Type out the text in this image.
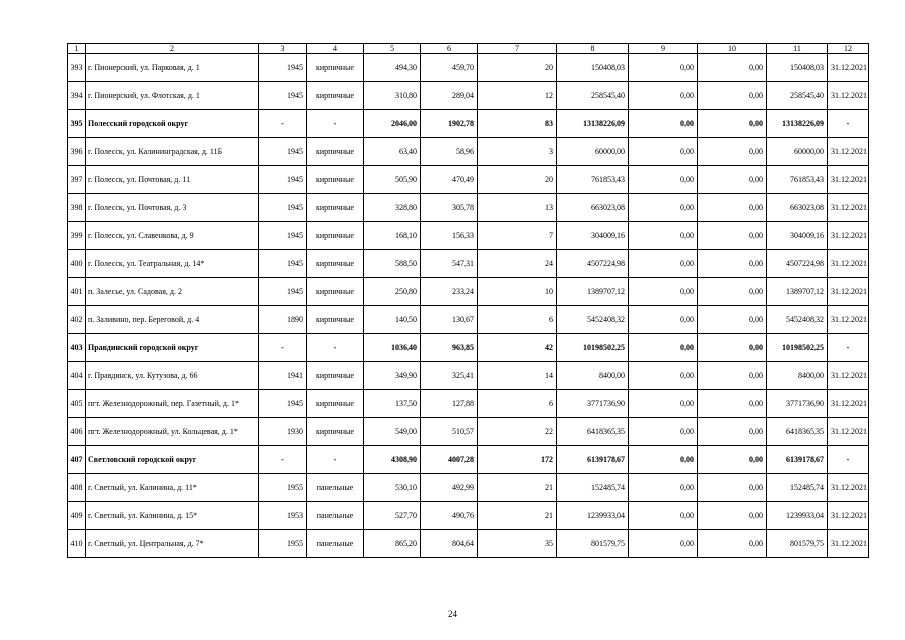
1	2	3	4	5	6	7	8	9	10	11	12
393	г. Пионерский, ул. Парковая, д. 1	1945	кирпичные	494,30	459,70	20	150408,03	0,00	0,00	150408,03	31.12.2021
394	г. Пионерский, ул. Флотская, д. 1	1945	кирпичные	310,80	289,04	12	258545,40	0,00	0,00	258545,40	31.12.2021
395	Полесский городской округ	-	-	2046,00	1902,78	83	13138226,09	0,00	0,00	13138226,09	-
396	г. Полесск, ул. Калининградская, д. 11Б	1945	кирпичные	63,40	58,96	3	60000,00	0,00	0,00	60000,00	31.12.2021
397	г. Полесск, ул. Почтовая, д. 11	1945	кирпичные	505,90	470,49	20	761853,43	0,00	0,00	761853,43	31.12.2021
398	г. Полесск, ул. Почтовая, д. 3	1945	кирпичные	328,80	305,78	13	663023,08	0,00	0,00	663023,08	31.12.2021
399	г. Полесск, ул. Славенкова, д. 9	1945	кирпичные	168,10	156,33	7	304009,16	0,00	0,00	304009,16	31.12.2021
400	г. Полесск, ул. Театральная, д. 14*	1945	кирпичные	588,50	547,31	24	4507224,98	0,00	0,00	4507224,98	31.12.2021
401	п. Залесье, ул. Садовая, д. 2	1945	кирпичные	250,80	233,24	10	1389707,12	0,00	0,00	1389707,12	31.12.2021
402	п. Заливино, пер. Береговой, д. 4	1890	кирпичные	140,50	130,67	6	5452408,32	0,00	0,00	5452408,32	31.12.2021
403	Правдинский городской округ	-	-	1036,40	963,85	42	10198502,25	0,00	0,00	10198502,25	-
404	г. Правдинск, ул. Кутузова, д. 66	1941	кирпичные	349,90	325,41	14	8400,00	0,00	0,00	8400,00	31.12.2021
405	пгт. Железнодорожный, пер. Газетный, д. 1*	1945	кирпичные	137,50	127,88	6	3771736,90	0,00	0,00	3771736,90	31.12.2021
406	пгт. Железнодорожный, ул. Кольцевая, д. 1*	1930	кирпичные	549,00	510,57	22	6418365,35	0,00	0,00	6418365,35	31.12.2021
407	Светловский городской округ	-	-	4308,90	4007,28	172	6139178,67	0,00	0,00	6139178,67	-
408	г. Светлый, ул. Калинина, д. 11*	1955	панельные	530,10	492,99	21	152485,74	0,00	0,00	152485,74	31.12.2021
409	г. Светлый, ул. Калинина, д. 15*	1953	панельные	527,70	490,76	21	1239933,04	0,00	0,00	1239933,04	31.12.2021
410	г. Светлый, ул. Центральная, д. 7*	1955	панельные	865,20	804,64	35	801579,75	0,00	0,00	801579,75	31.12.2021
24
